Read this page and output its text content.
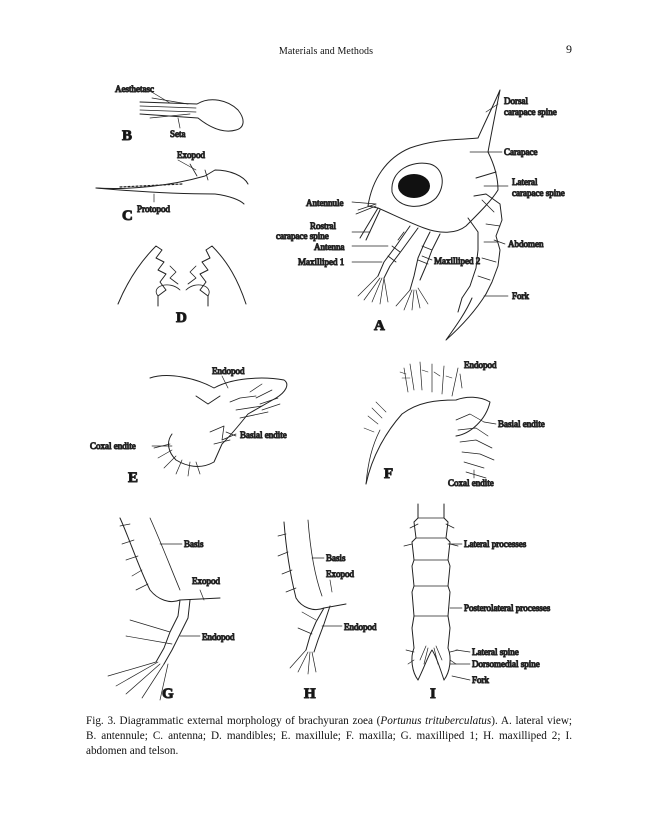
Materials and Methods	9
Aesthetasc
Seta
B
Exopod
Protopod
C
D
Dorsal
carapace spine
Carapace
Lateral
carapace spine
Antennule
Rostral
carapace spine
Antenna
Maxilliped 1	Maxilliped 2
Abdomen
Fork
A
Endopod
Basial endite
Coxal endite
E
Endopod
Basial endite
Coxal endite
F
Basis
Exopod
Endopod
G
Basis
Exopod
Endopod
H
Lateral processes
Posterolateral processes
Lateral spine
Dorsomedial spine
Fork
I
Fig. 3. Diagrammatic external morphology of brachyuran zoea (Portunus trituberculatus). A. lateral view; B. antennule; C. antenna; D. mandibles; E. maxillule; F. maxilla; G. maxilliped 1; H. maxilliped 2; I. abdomen and telson.
